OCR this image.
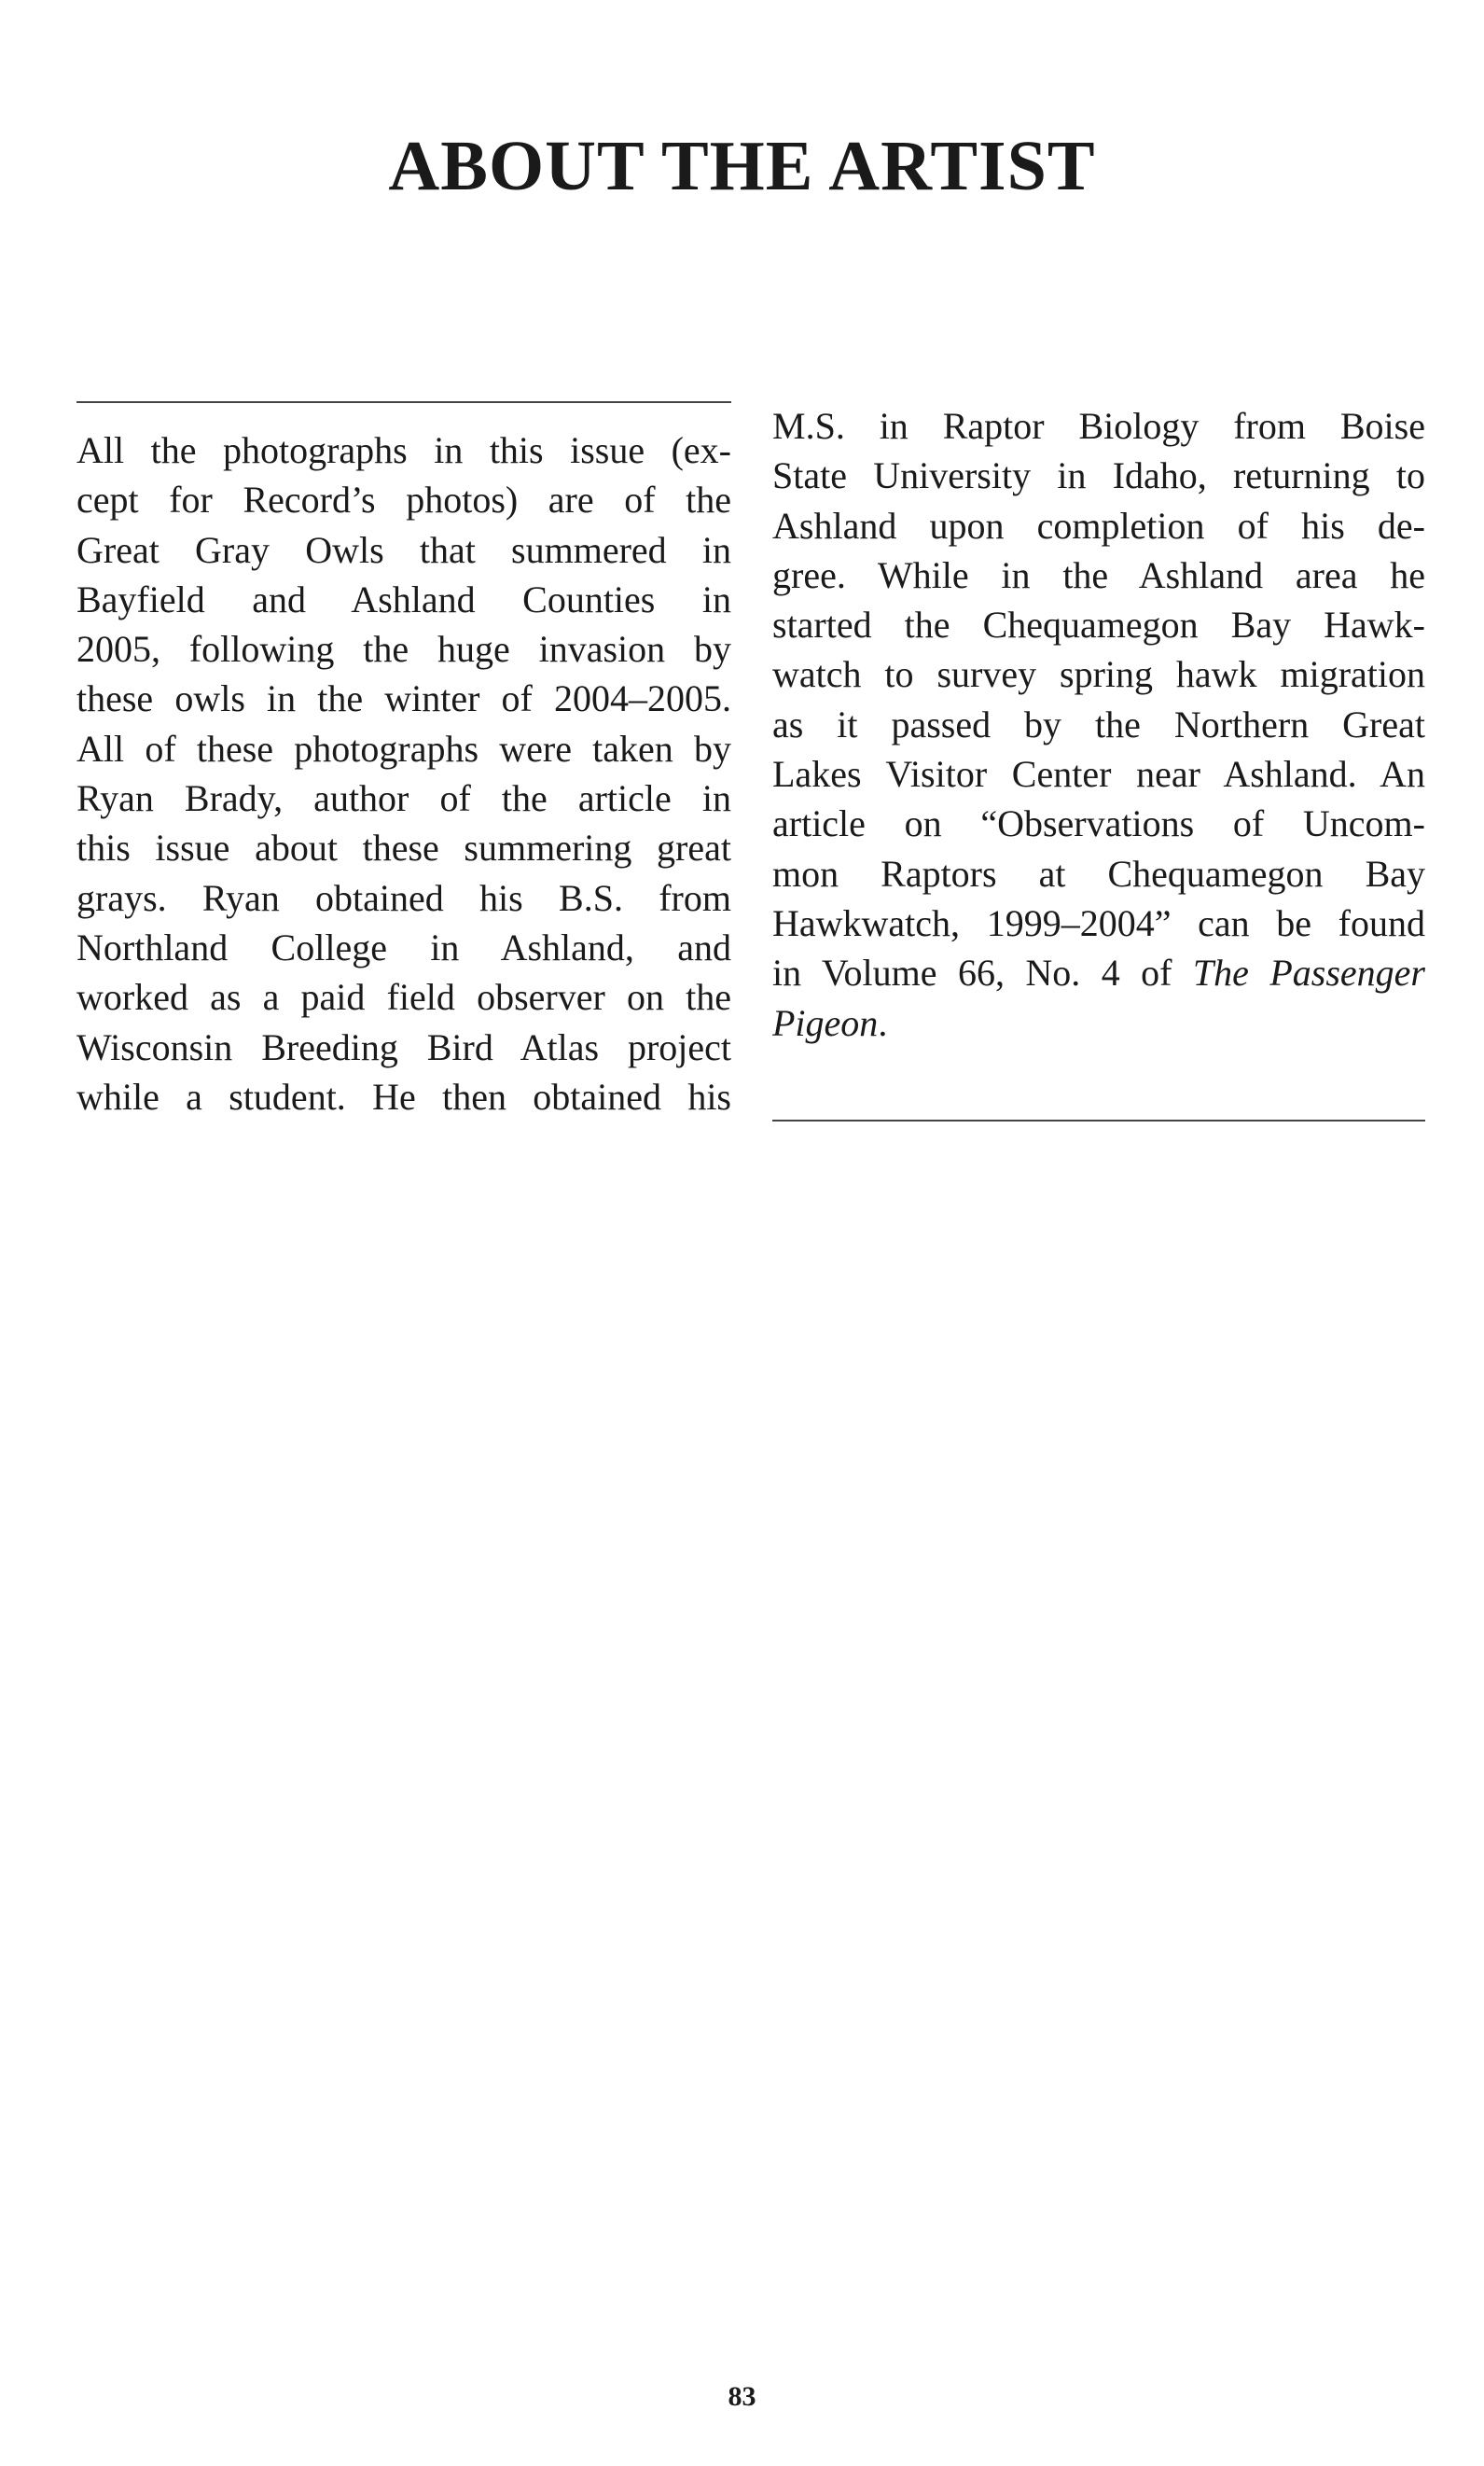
ABOUT THE ARTIST
All the photographs in this issue (ex-
cept for Record’s photos) are of the
Great Gray Owls that summered in
Bayfield and Ashland Counties in
2005, following the huge invasion by
these owls in the winter of 2004–2005.
All of these photographs were taken by
Ryan Brady, author of the article in
this issue about these summering great
grays. Ryan obtained his B.S. from
Northland College in Ashland, and
worked as a paid field observer on the
Wisconsin Breeding Bird Atlas project
while a student. He then obtained his
M.S. in Raptor Biology from Boise
State University in Idaho, returning to
Ashland upon completion of his de-
gree. While in the Ashland area he
started the Chequamegon Bay Hawk-
watch to survey spring hawk migration
as it passed by the Northern Great
Lakes Visitor Center near Ashland. An
article on “Observations of Uncom-
mon Raptors at Chequamegon Bay
Hawkwatch, 1999–2004” can be found
in Volume 66, No. 4 of The Passenger
Pigeon.
83
